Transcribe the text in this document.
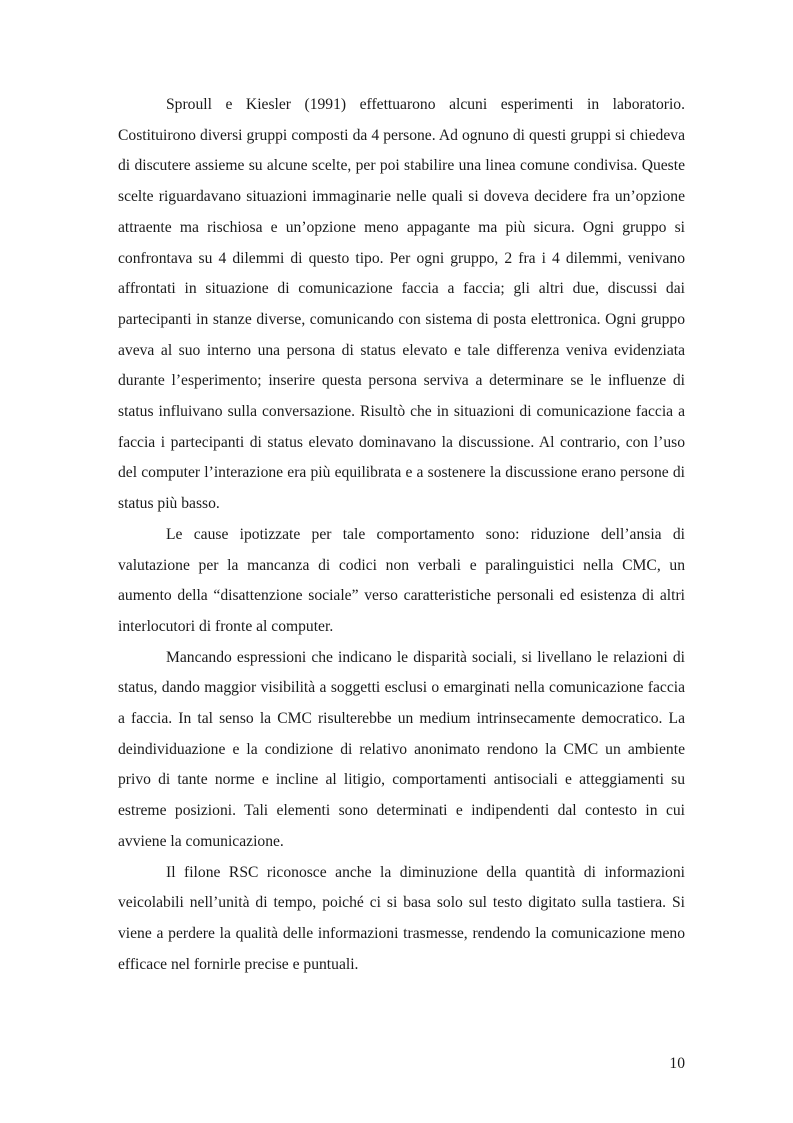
Sproull e Kiesler (1991) effettuarono alcuni esperimenti in laboratorio. Costituirono diversi gruppi composti da 4 persone. Ad ognuno di questi gruppi si chiedeva di discutere assieme su alcune scelte, per poi stabilire una linea comune condivisa. Queste scelte riguardavano situazioni immaginarie nelle quali si doveva decidere fra un’opzione attraente ma rischiosa e un’opzione meno appagante ma più sicura. Ogni gruppo si confrontava su 4 dilemmi di questo tipo. Per ogni gruppo, 2 fra i 4 dilemmi, venivano affrontati in situazione di comunicazione faccia a faccia; gli altri due, discussi dai partecipanti in stanze diverse, comunicando con sistema di posta elettronica. Ogni gruppo aveva al suo interno una persona di status elevato e tale differenza veniva evidenziata durante l’esperimento; inserire questa persona serviva a determinare se le influenze di status influivano sulla conversazione. Risultò che in situazioni di comunicazione faccia a faccia i partecipanti di status elevato dominavano la discussione. Al contrario, con l’uso del computer l’interazione era più equilibrata e a sostenere la discussione erano persone di status più basso.

Le cause ipotizzate per tale comportamento sono: riduzione dell’ansia di valutazione per la mancanza di codici non verbali e paralinguistici nella CMC, un aumento della “disattenzione sociale” verso caratteristiche personali ed esistenza di altri interlocutori di fronte al computer.

Mancando espressioni che indicano le disparità sociali, si livellano le relazioni di status, dando maggior visibilità a soggetti esclusi o emarginati nella comunicazione faccia a faccia. In tal senso la CMC risulterebbe un medium intrinsecamente democratico. La deindividuazione e la condizione di relativo anonimato rendono la CMC un ambiente privo di tante norme e incline al litigio, comportamenti antisociali e atteggiamenti su estreme posizioni. Tali elementi sono determinati e indipendenti dal contesto in cui avviene la comunicazione.

Il filone RSC riconosce anche la diminuzione della quantità di informazioni veicolabili nell’unità di tempo, poiché ci si basa solo sul testo digitato sulla tastiera. Si viene a perdere la qualità delle informazioni trasmesse, rendendo la comunicazione meno efficace nel fornirle precise e puntuali.

10
